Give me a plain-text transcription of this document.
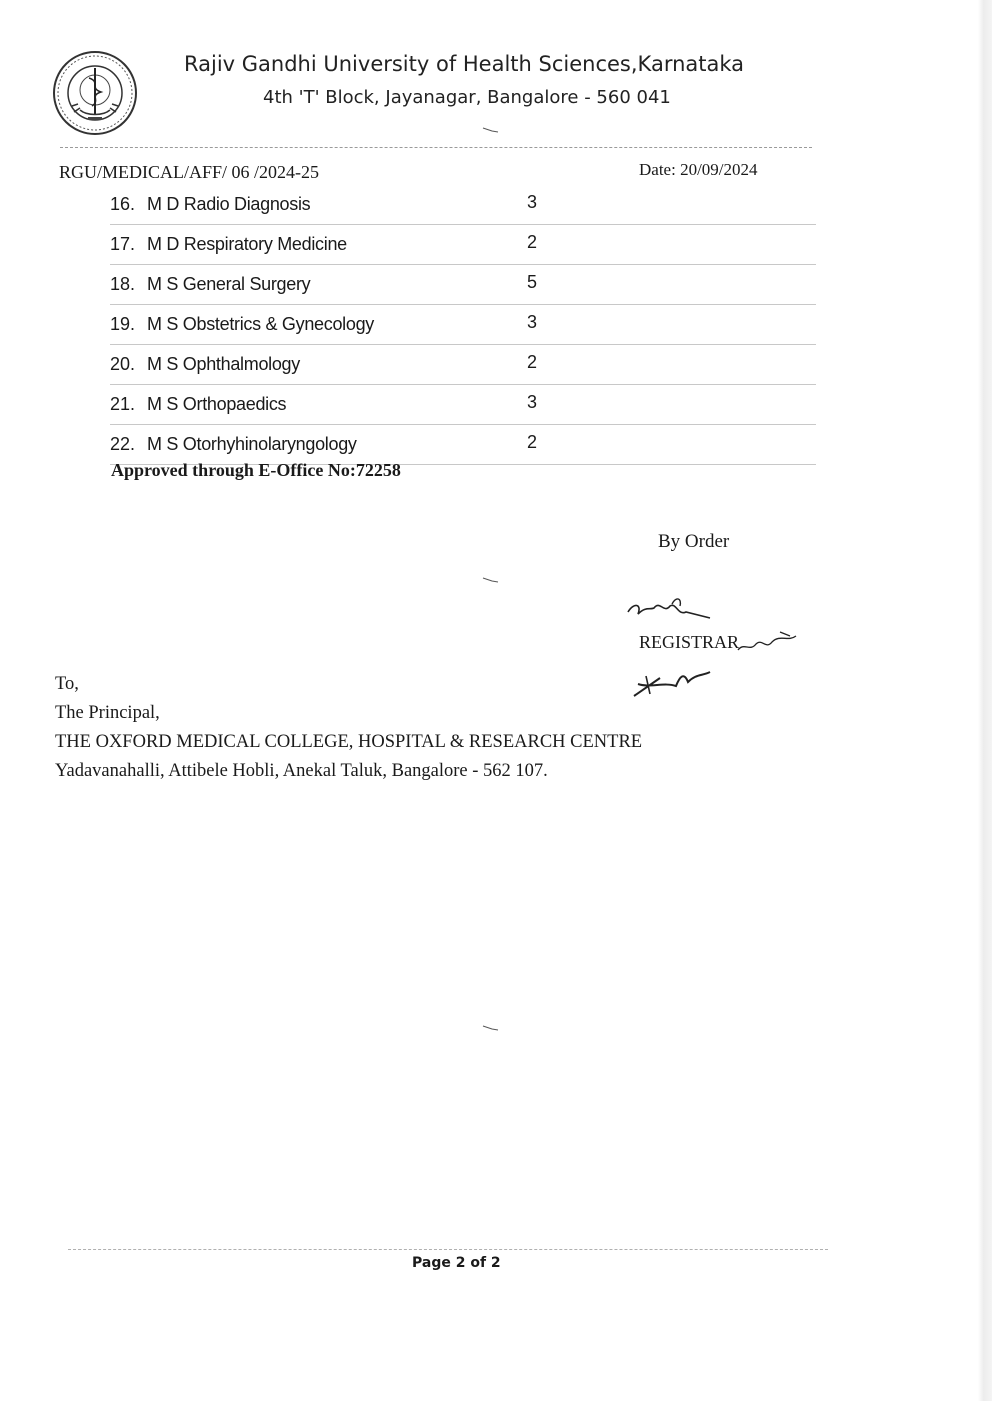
Rajiv Gandhi University of Health Sciences,Karnataka
4th 'T' Block, Jayanagar, Bangalore - 560 041
RGU/MEDICAL/AFF/ 06 /2024-25	Date: 20/09/2024
16. M D Radio Diagnosis	3
17. M D Respiratory Medicine	2
18. M S General Surgery	5
19. M S Obstetrics & Gynecology	3
20. M S Ophthalmology	2
21. M S Orthopaedics	3
22. M S Otorhyhinolaryngology	2
Approved through E-Office No:72258
By Order
REGISTRAR
To,
The Principal,
THE OXFORD MEDICAL COLLEGE, HOSPITAL & RESEARCH CENTRE
Yadavanahalli, Attibele Hobli, Anekal Taluk, Bangalore - 562 107.
Page 2 of 2
